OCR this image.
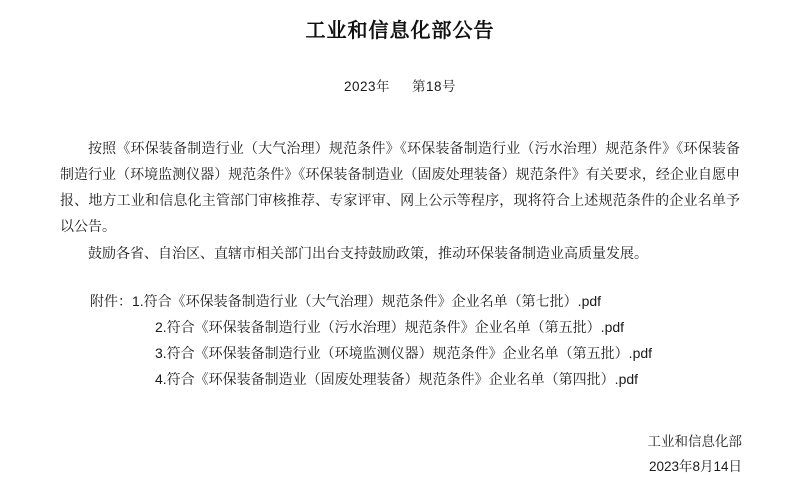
工业和信息化部公告
2023年 第18号
按照《环保装备制造行业（大气治理）规范条件》《环保装备制造行业（污水治理）规范条件》《环保装备制造行业（环境监测仪器）规范条件》《环保装备制造业（固废处理装备）规范条件》有关要求，经企业自愿申报、地方工业和信息化主管部门审核推荐、专家评审、网上公示等程序，现将符合上述规范条件的企业名单予以公告。
鼓励各省、自治区、直辖市相关部门出台支持鼓励政策，推动环保装备制造业高质量发展。
附件：1.符合《环保装备制造行业（大气治理）规范条件》企业名单（第七批）.pdf
2.符合《环保装备制造行业（污水治理）规范条件》企业名单（第五批）.pdf
3.符合《环保装备制造行业（环境监测仪器）规范条件》企业名单（第五批）.pdf
4.符合《环保装备制造业（固废处理装备）规范条件》企业名单（第四批）.pdf
工业和信息化部
2023年8月14日
